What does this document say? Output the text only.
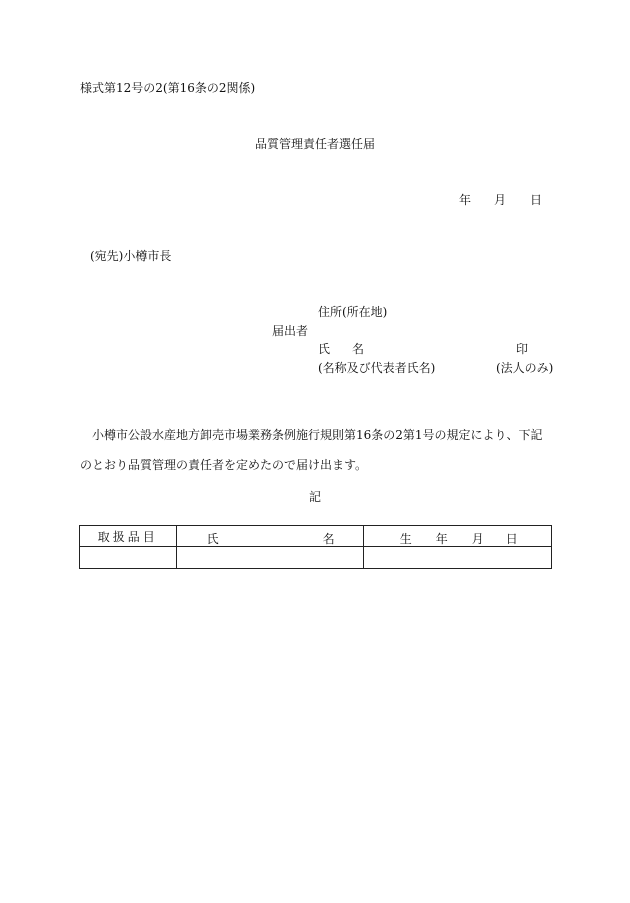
様式第12号の2(第16条の2関係)
品質管理責任者選任届
年 月 日
(宛先)小樽市長
住所(所在地)
届出者
氏 名	印
(名称及び代表者氏名)	(法人のみ)
小樽市公設水産地方卸売市場業務条例施行規則第16条の2第1号の規定により、下記のとおり品質管理の責任者を定めたので届け出ます。
記
取扱品目	氏 名	生 年 月 日
